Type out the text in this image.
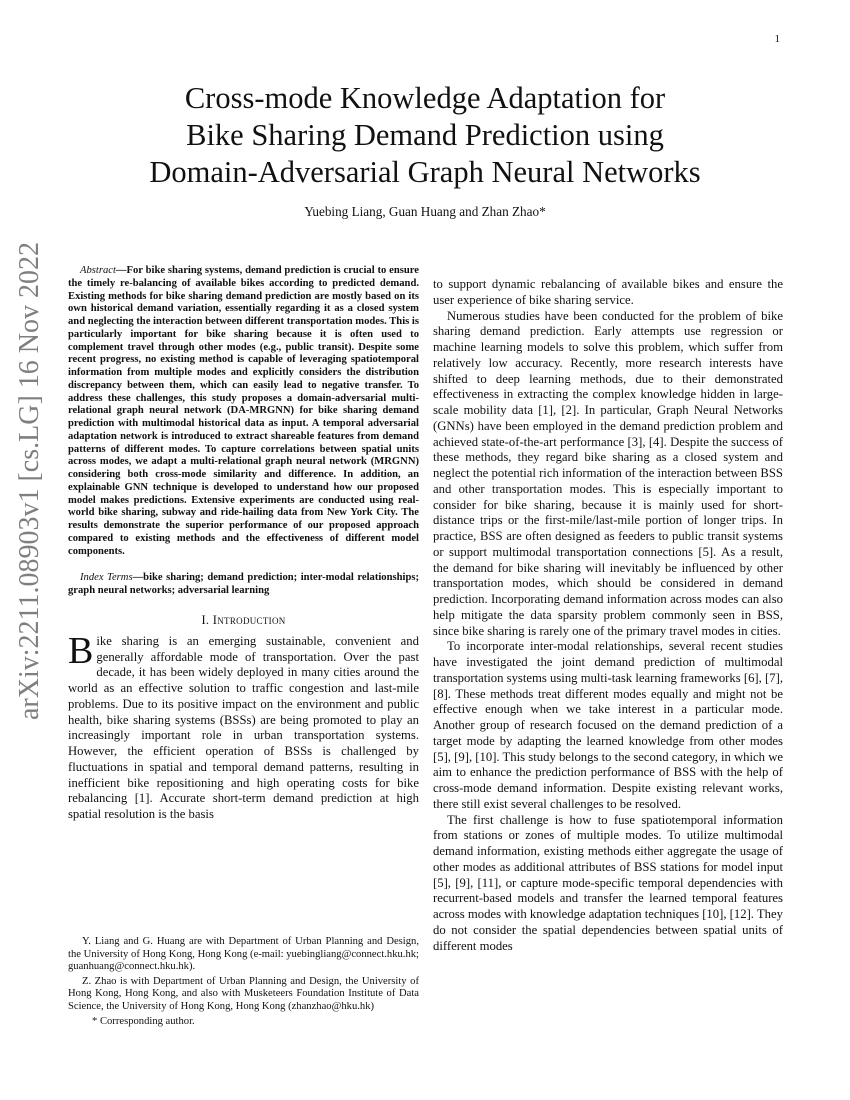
1
arXiv:2211.08903v1 [cs.LG] 16 Nov 2022
Cross-mode Knowledge Adaptation for
Bike Sharing Demand Prediction using
Domain-Adversarial Graph Neural Networks
Yuebing Liang, Guan Huang and Zhan Zhao*

Abstract—For bike sharing systems, demand prediction is crucial to ensure the timely re-balancing of available bikes according to predicted demand. Existing methods for bike sharing demand prediction are mostly based on its own historical demand variation, essentially regarding it as a closed system and neglecting the interaction between different transportation modes. This is particularly important for bike sharing because it is often used to complement travel through other modes (e.g., public transit). Despite some recent progress, no existing method is capable of leveraging spatiotemporal information from multiple modes and explicitly considers the distribution discrepancy between them, which can easily lead to negative transfer. To address these challenges, this study proposes a domain-adversarial multi-relational graph neural network (DA-MRGNN) for bike sharing demand prediction with multimodal historical data as input. A temporal adversarial adaptation network is introduced to extract shareable features from demand patterns of different modes. To capture correlations between spatial units across modes, we adapt a multi-relational graph neural network (MRGNN) considering both cross-mode similarity and difference. In addition, an explainable GNN technique is developed to understand how our proposed model makes predictions. Extensive experiments are conducted using real-world bike sharing, subway and ride-hailing data from New York City. The results demonstrate the superior performance of our proposed approach compared to existing methods and the effectiveness of different model components.

Index Terms—bike sharing; demand prediction; inter-modal relationships; graph neural networks; adversarial learning

I. Introduction

Bike sharing is an emerging sustainable, convenient and generally affordable mode of transportation. Over the past decade, it has been widely deployed in many cities around the world as an effective solution to traffic congestion and last-mile problems. Due to its positive impact on the environment and public health, bike sharing systems (BSSs) are being promoted to play an increasingly important role in urban transportation systems. However, the efficient operation of BSSs is challenged by fluctuations in spatial and temporal demand patterns, resulting in inefficient bike repositioning and high operating costs for bike rebalancing [1]. Accurate short-term demand prediction at high spatial resolution is the basis

Y. Liang and G. Huang are with Department of Urban Planning and Design, the University of Hong Kong, Hong Kong (e-mail: yuebingliang@connect.hku.hk; guanhuang@connect.hku.hk).

Z. Zhao is with Department of Urban Planning and Design, the University of Hong Kong, Hong Kong, and also with Musketeers Foundation Institute of Data Science, the University of Hong Kong, Hong Kong (zhanzhao@hku.hk)

* Corresponding author.

to support dynamic rebalancing of available bikes and ensure the user experience of bike sharing service.

Numerous studies have been conducted for the problem of bike sharing demand prediction. Early attempts use regression or machine learning models to solve this problem, which suffer from relatively low accuracy. Recently, more research interests have shifted to deep learning methods, due to their demonstrated effectiveness in extracting the complex knowledge hidden in large-scale mobility data [1], [2]. In particular, Graph Neural Networks (GNNs) have been employed in the demand prediction problem and achieved state-of-the-art performance [3], [4]. Despite the success of these methods, they regard bike sharing as a closed system and neglect the potential rich information of the interaction between BSS and other transportation modes. This is especially important to consider for bike sharing, because it is mainly used for short-distance trips or the first-mile/last-mile portion of longer trips. In practice, BSS are often designed as feeders to public transit systems or support multimodal transportation connections [5]. As a result, the demand for bike sharing will inevitably be influenced by other transportation modes, which should be considered in demand prediction. Incorporating demand information across modes can also help mitigate the data sparsity problem commonly seen in BSS, since bike sharing is rarely one of the primary travel modes in cities.

To incorporate inter-modal relationships, several recent studies have investigated the joint demand prediction of multimodal transportation systems using multi-task learning frameworks [6], [7], [8]. These methods treat different modes equally and might not be effective enough when we take interest in a particular mode. Another group of research focused on the demand prediction of a target mode by adapting the learned knowledge from other modes [5], [9], [10]. This study belongs to the second category, in which we aim to enhance the prediction performance of BSS with the help of cross-mode demand information. Despite existing relevant works, there still exist several challenges to be resolved.

The first challenge is how to fuse spatiotemporal information from stations or zones of multiple modes. To utilize multimodal demand information, existing methods either aggregate the usage of other modes as additional attributes of BSS stations for model input [5], [9], [11], or capture mode-specific temporal dependencies with recurrent-based models and transfer the learned temporal features across modes with knowledge adaptation techniques [10], [12]. They do not consider the spatial dependencies between spatial units of different modes
